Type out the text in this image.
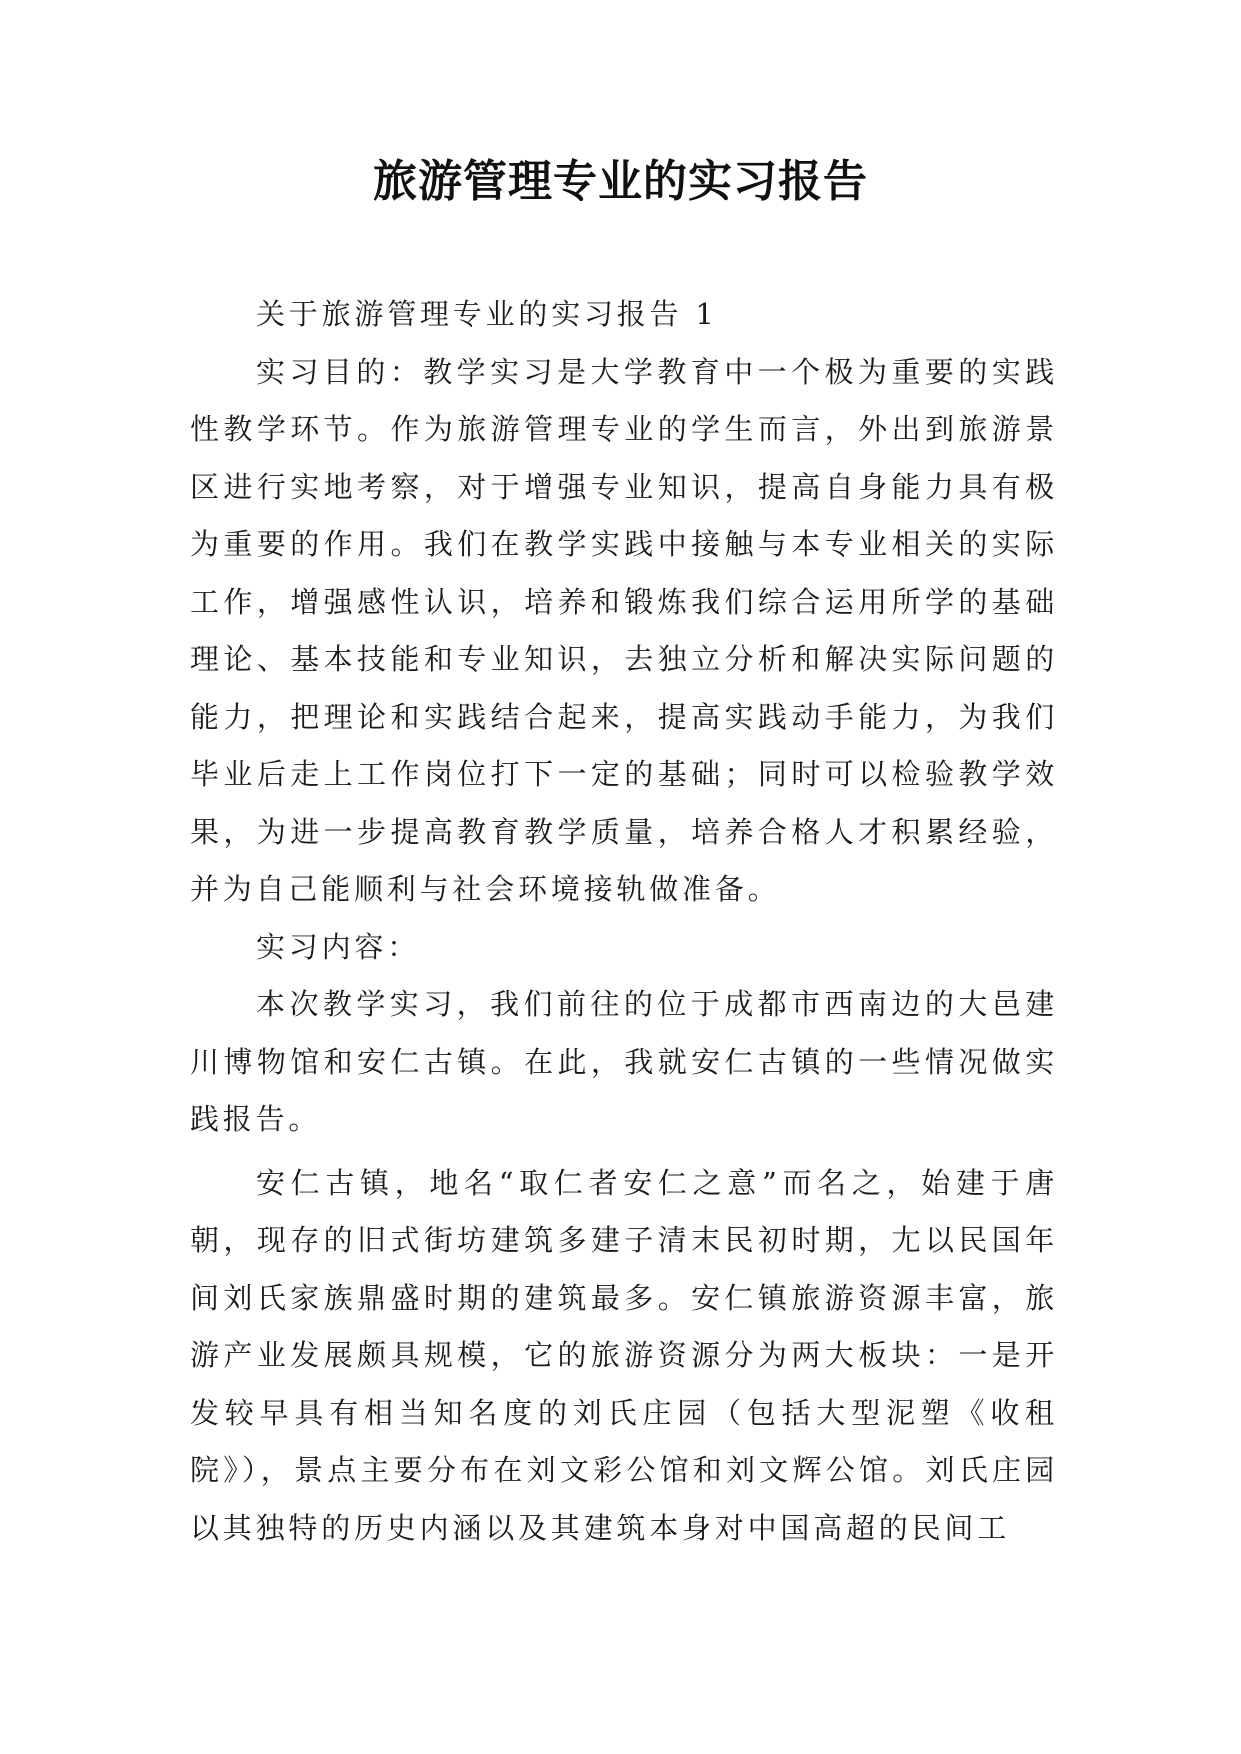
旅游管理专业的实习报告

关于旅游管理专业的实习报告 1

实习目的：教学实习是大学教育中一个极为重要的实践性教学环节。作为旅游管理专业的学生而言，外出到旅游景区进行实地考察，对于增强专业知识，提高自身能力具有极为重要的作用。我们在教学实践中接触与本专业相关的实际工作，增强感性认识，培养和锻炼我们综合运用所学的基础理论、基本技能和专业知识，去独立分析和解决实际问题的能力，把理论和实践结合起来，提高实践动手能力，为我们毕业后走上工作岗位打下一定的基础；同时可以检验教学效果，为进一步提高教育教学质量，培养合格人才积累经验，并为自己能顺利与社会环境接轨做准备。

实习内容：

本次教学实习，我们前往的位于成都市西南边的大邑建川博物馆和安仁古镇。在此，我就安仁古镇的一些情况做实践报告。

安仁古镇，地名“取仁者安仁之意”而名之，始建于唐朝，现存的旧式街坊建筑多建子清末民初时期，尢以民国年间刘氏家族鼎盛时期的建筑最多。安仁镇旅游资源丰富，旅游产业发展颇具规模，它的旅游资源分为两大板块：一是开发较早具有相当知名度的刘氏庄园（包括大型泥塑《收租院》），景点主要分布在刘文彩公馆和刘文辉公馆。刘氏庄园以其独特的历史内涵以及其建筑本身对中国高超的民间工
